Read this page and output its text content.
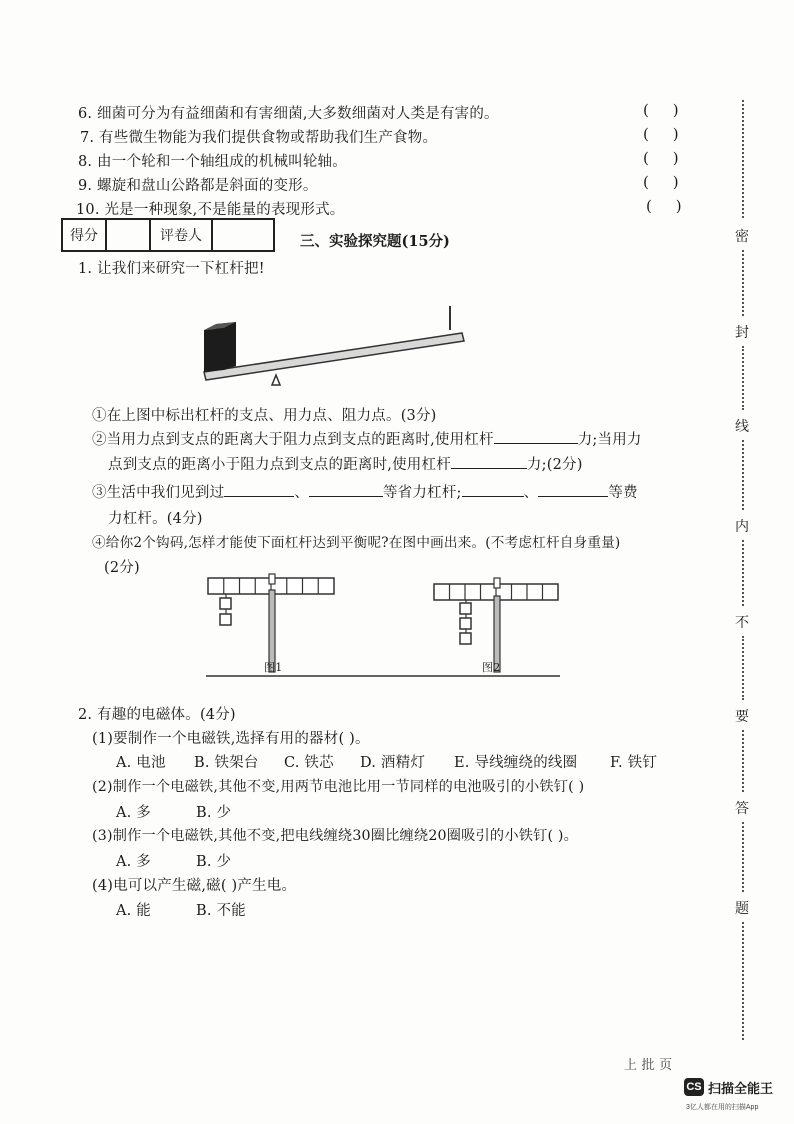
6. 细菌可分为有益细菌和有害细菌,大多数细菌对人类是有害的。	(     )
7. 有些微生物能为我们提供食物或帮助我们生产食物。	(     )
8. 由一个轮和一个轴组成的机械叫轮轴。	(     )
9. 螺旋和盘山公路都是斜面的变形。	(     )
10. 光是一种现象,不是能量的表现形式。	(     )
得分	评卷人	三、实验探究题(15分)
1. 让我们来研究一下杠杆把!
①在上图中标出杠杆的支点、用力点、阻力点。(3分)
②当用力点到支点的距离大于阻力点到支点的距离时,使用杠杆	力;当用力
点到支点的距离小于阻力点到支点的距离时,使用杠杆	力;(2分)
③生活中我们见到过	、	等省力杠杆;	、	等费
力杠杆。(4分)
④给你2个钩码,怎样才能使下面杠杆达到平衡呢?在图中画出来。(不考虑杠杆自身重量)
(2分)
图1	图2
2. 有趣的电磁体。(4分)
(1)要制作一个电磁铁,选择有用的器材( )。
A. 电池 B. 铁架台 C. 铁芯 D. 酒精灯 E. 导线缠绕的线圈 F. 铁钉
(2)制作一个电磁铁,其他不变,用两节电池比用一节同样的电池吸引的小铁钉( )
A. 多	B. 少
(3)制作一个电磁铁,其他不变,把电线缠绕30圈比缠绕20圈吸引的小铁钉( )。
A. 多	B. 少
(4)电可以产生磁,磁( )产生电。
A. 能	B. 不能
密
封
线
内
不
要
答
题
上 批 页
CS 扫描全能王
3亿人都在用的扫描App
